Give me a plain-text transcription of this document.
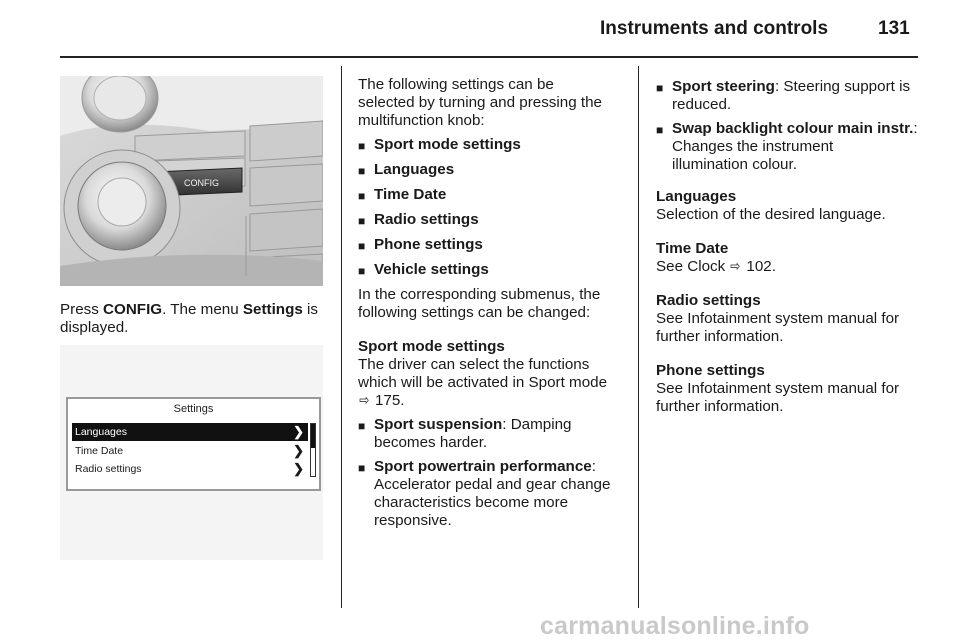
Instruments and controls	131
CONFIG

Press CONFIG. The menu Settings is

displayed.

Settings
Languages	❯
Time Date	❯
Radio settings	❯

The following settings can be

selected by turning and pressing the

multifunction knob:

■ Sport mode settings
■ Languages
■ Time Date
■ Radio settings
■ Phone settings
■ Vehicle settings

In the corresponding submenus, the

following settings can be changed:

Sport mode settings

The driver can select the functions

which will be activated in Sport mode

⇨ 175.

■ Sport suspension: Damping
becomes harder.
■ Sport powertrain performance:
Accelerator pedal and gear change
characteristics become more
responsive.
■ Sport steering: Steering support is
reduced.
■ Swap backlight colour main instr.:
Changes the instrument
illumination colour.

Languages

Selection of the desired language.

Time Date

See Clock ⇨ 102.

Radio settings

See Infotainment system manual for

further information.

Phone settings

See Infotainment system manual for

further information.

carmanualsonline.info
